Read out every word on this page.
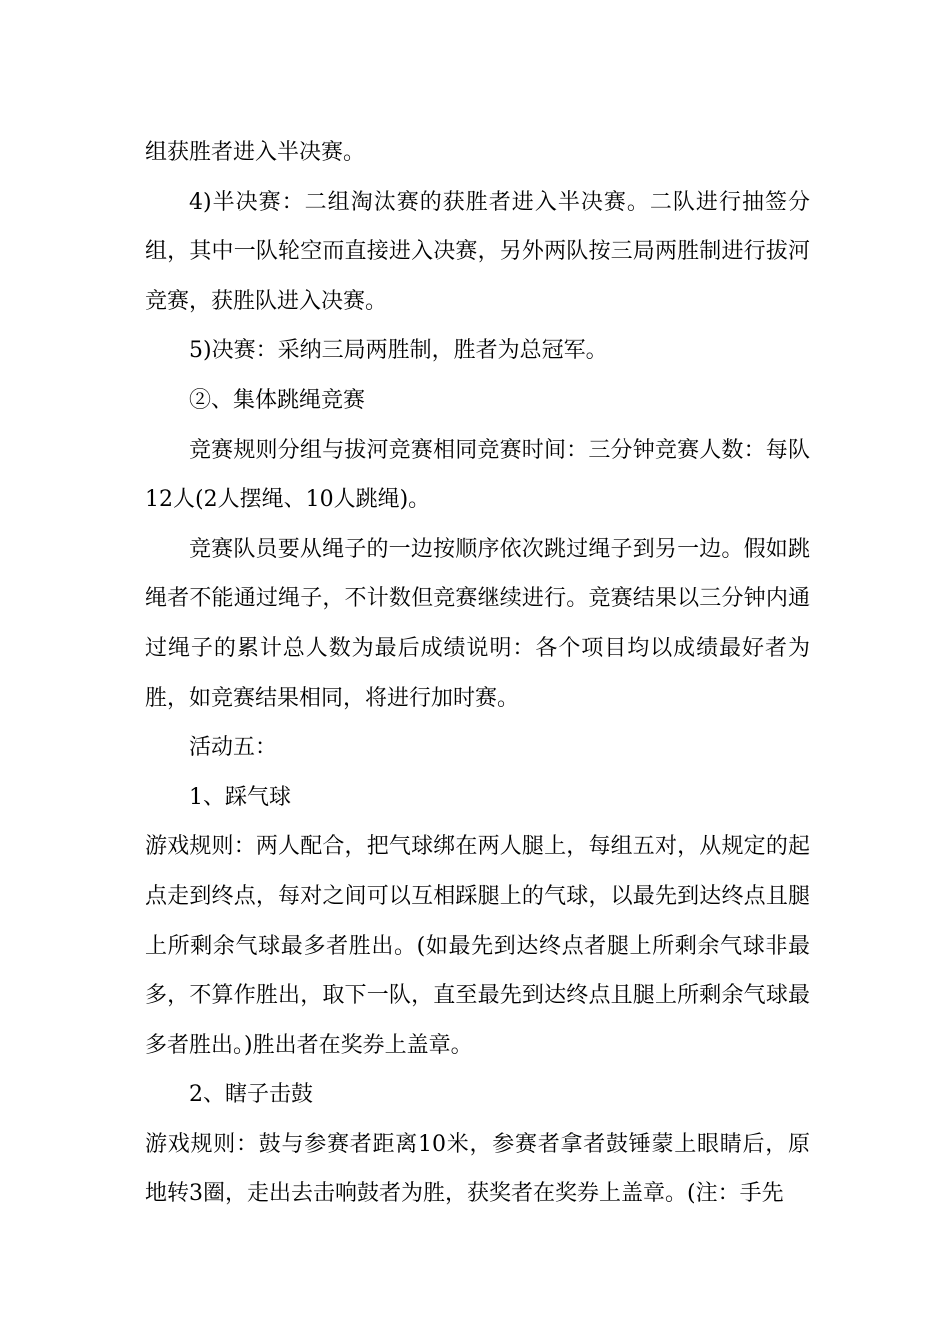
组获胜者进入半决赛。

4)半决赛：二组淘汰赛的获胜者进入半决赛。二队进行抽签分组，其中一队轮空而直接进入决赛，另外两队按三局两胜制进行拔河竞赛，获胜队进入决赛。

5)决赛：采纳三局两胜制，胜者为总冠军。

②、集体跳绳竞赛

竞赛规则分组与拔河竞赛相同竞赛时间：三分钟竞赛人数：每队12人(2人摆绳、10人跳绳)。

竞赛队员要从绳子的一边按顺序依次跳过绳子到另一边。假如跳绳者不能通过绳子，不计数但竞赛继续进行。竞赛结果以三分钟内通过绳子的累计总人数为最后成绩说明：各个项目均以成绩最好者为胜，如竞赛结果相同，将进行加时赛。

活动五：

1、踩气球

游戏规则：两人配合，把气球绑在两人腿上，每组五对，从规定的起点走到终点，每对之间可以互相踩腿上的气球，以最先到达终点且腿上所剩余气球最多者胜出。(如最先到达终点者腿上所剩余气球非最多，不算作胜出，取下一队，直至最先到达终点且腿上所剩余气球最多者胜出。)胜出者在奖券上盖章。

2、瞎子击鼓

游戏规则：鼓与参赛者距离10米，参赛者拿者鼓锤蒙上眼睛后，原地转3圈，走出去击响鼓者为胜，获奖者在奖券上盖章。(注：手先
